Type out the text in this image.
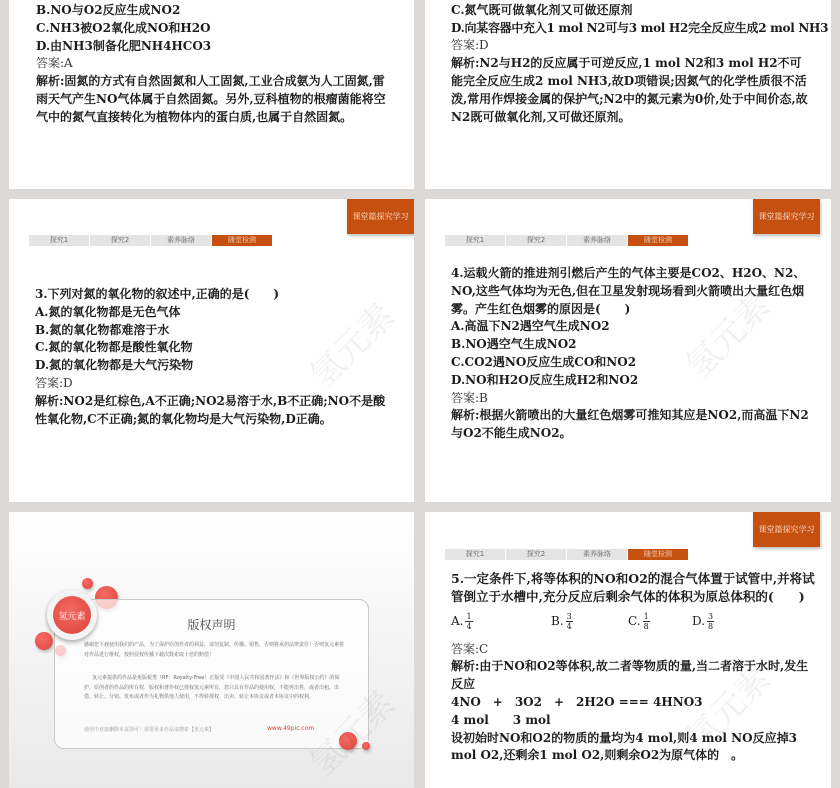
B.NO与O2反应生成NO2
C.NH3被O2氧化成NO和H2O
D.由NH3制备化肥NH4HCO3
答案:A
解析:固氮的方式有自然固氮和人工固氮,工业合成氨为人工固氮,雷雨天气产生NO气体属于自然固氮。另外,豆科植物的根瘤菌能将空气中的氮气直接转化为植物体内的蛋白质,也属于自然固氮。
C.氮气既可做氧化剂又可做还原剂
D.向某容器中充入1 mol N2可与3 mol H2完全反应生成2 mol NH3
答案:D
解析:N2与H2的反应属于可逆反应,1 mol N2和3 mol H2不可能完全反应生成2 mol NH3,故D项错误;因氮气的化学性质很不活泼,常用作焊接金属的保护气;N2中的氮元素为0价,处于中间价态,故N2既可做氧化剂,又可做还原剂。
课堂篇探究学习
探究1	探究2	素养脉络	随堂检测
氢元素
3.下列对氮的氧化物的叙述中,正确的是(　　)
A.氮的氧化物都是无色气体
B.氮的氧化物都难溶于水
C.氮的氧化物都是酸性氧化物
D.氮的氧化物都是大气污染物
答案:D
解析:NO2是红棕色,A不正确;NO2易溶于水,B不正确;NO不是酸性氧化物,C不正确;氮的氧化物均是大气污染物,D正确。
课堂篇探究学习
探究1	探究2	素养脉络	随堂检测
氢元素
4.运载火箭的推进剂引燃后产生的气体主要是CO2、H2O、N2、NO,这些气体均为无色,但在卫星发射现场看到火箭喷出大量红色烟雾。产生红色烟雾的原因是(　　)
A.高温下N2遇空气生成NO2
B.NO遇空气生成NO2
C.CO2遇NO反应生成CO和NO2
D.NO和H2O反应生成H2和NO2
答案:B
解析:根据火箭喷出的大量红色烟雾可推知其应是NO2,而高温下N2与O2不能生成NO2。
版权声明
感谢您下载使用我们的产品，为了保护原创作者的利益，请勿复制、传播、销售，否则将承担法律责任！否则氢元素将对作品进行维权，按照侵权传播下载次数索取十倍的赔偿！
氢元素提供的作品是免版税类（RF：Royalty-Free）正版受《中国人民共和国著作法》和《世界版权公约》的保护，原创者的作品的所有权、版权和著作权已授权氢元素所有，您只具有作品的使用权，不能再出售，或者出租、出借、转让、分销、发布或者作为礼物供他人使用，不得转授权、出卖、转让本协议或者本协议中的权利。
使用中直接删除本页即可！需要更多作品请搜索【氢元素】	www.49pic.com
氢元素
课堂篇探究学习
探究1	探究2	素养脉络	随堂检测
氢元素
5.一定条件下,将等体积的NO和O2的混合气体置于试管中,并将试管倒立于水槽中,充分反应后剩余气体的体积为原总体积的(　　)
A. $\frac{1}{4}$	B. $\frac{3}{4}$	C. $\frac{1}{8}$	D. $\frac{3}{8}$
答案:C
解析:由于NO和O2等体积,故二者等物质的量,当二者溶于水时,发生反应
4NO　+　3O2　+　2H2O === 4HNO3
4 mol　　3 mol
设初始时NO和O2的物质的量均为4 mol,则4 mol NO反应掉3 mol O2,还剩余1 mol O2,则剩余O2为原气体的　。
